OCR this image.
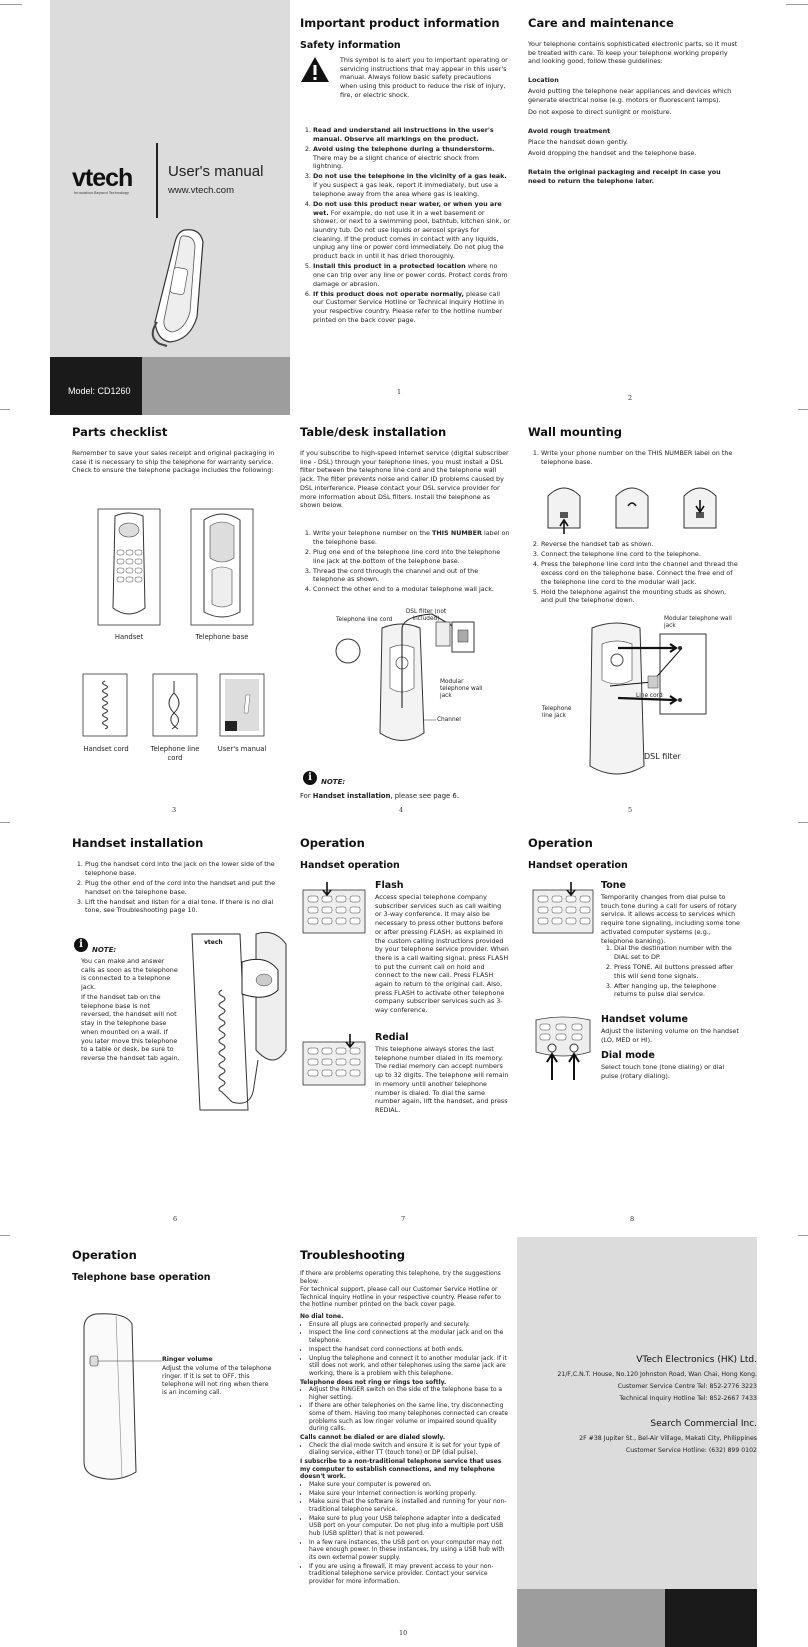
vtech
Innovation Beyond Technology
User's manual
www.vtech.com
Model: CD1260
Important product information
Safety information
This symbol is to alert you to important operating or servicing instructions that may appear in this user's manual. Always follow basic safety precautions when using this product to reduce the risk of injury, fire, or electric shock.
1. Read and understand all instructions in the user's manual. Observe all markings on the product.
2. Avoid using the telephone during a thunderstorm. There may be a slight chance of electric shock from lightning.
3. Do not use the telephone in the vicinity of a gas leak. If you suspect a gas leak, report it immediately, but use a telephone away from the area where gas is leaking.
4. Do not use this product near water, or when you are wet. For example, do not use it in a wet basement or shower, or next to a swimming pool, bathtub, kitchen sink, or laundry tub. Do not use liquids or aerosol sprays for cleaning. If the product comes in contact with any liquids, unplug any line or power cord immediately. Do not plug the product back in until it has dried thoroughly.
5. Install this product in a protected location where no one can trip over any line or power cords. Protect cords from damage or abrasion.
6. If this product does not operate normally, please call our Customer Service Hotline or Technical Inquiry Hotline in your respective country. Please refer to the hotline number printed on the back cover page.
1
Care and maintenance
Your telephone contains sophisticated electronic parts, so it must be treated with care. To keep your telephone working properly and looking good, follow these guidelines:
Location
Avoid putting the telephone near appliances and devices which generate electrical noise (e.g. motors or fluorescent lamps).
Do not expose to direct sunlight or moisture.
Avoid rough treatment
Place the handset down gently.
Avoid dropping the handset and the telephone base.
Retain the original packaging and receipt in case you need to return the telephone later.
2
Parts checklist
Remember to save your sales receipt and original packaging in case it is necessary to ship the telephone for warranty service. Check to ensure the telephone package includes the following:
Handset	Telephone base
Handset cord	Telephone line cord
User's manual
3
Table/desk installation
If you subscribe to high-speed Internet service (digital subscriber line - DSL) through your telephone lines, you must install a DSL filter between the telephone line cord and the telephone wall jack. The filter prevents noise and caller ID problems caused by DSL interference. Please contact your DSL service provider for more information about DSL filters. Install the telephone as shown below.
1. Write your telephone number on the THIS NUMBER label on the telephone base.
2. Plug one end of the telephone line cord into the telephone line jack at the bottom of the telephone base.
3. Thread the cord through the channel and out of the telephone as shown.
4. Connect the other end to a modular telephone wall jack.
Telephone line cord
DSL filter (not included)
Modular telephone wall jack
Channel
i	NOTE:
For Handset installation, please see page 6.
4
Wall mounting
1. Write your phone number on the THIS NUMBER label on the telephone base.
2. Reverse the handset tab as shown.
3. Connect the telephone line cord to the telephone.
4. Press the telephone line cord into the channel and thread the excess cord on the telephone base. Connect the free end of the telephone line cord to the modular wall jack.
5. Hold the telephone against the mounting studs as shown, and pull the telephone down.
Modular telephone wall jack
Line cord
Telephone line jack
DSL filter
5
Handset installation
1. Plug the handset cord into the jack on the lower side of the telephone base.
2. Plug the other end of the cord into the handset and put the handset on the telephone base.
3. Lift the handset and listen for a dial tone. If there is no dial tone, see Troubleshooting page 10.
i	NOTE:
• You can make and answer calls as soon as the telephone is connected to a telephone jack.
• If the handset tab on the telephone base is not reversed, the handset will not stay in the telephone base when mounted on a wall. If you later move this telephone to a table or desk, be sure to reverse the handset tab again.
vtech
6
Operation
Handset operation
Flash
Access special telephone company subscriber services such as call waiting or 3-way conference. It may also be necessary to press other buttons before or after pressing FLASH, as explained in the custom calling instructions provided by your telephone service provider. When there is a call waiting signal, press FLASH to put the current call on hold and connect to the new call. Press FLASH again to return to the original call. Also, press FLASH to activate other telephone company subscriber services such as 3-way conference.
Redial
This telephone always stores the last telephone number dialed in its memory. The redial memory can accept numbers up to 32 digits. The telephone will remain in memory until another telephone number is dialed. To dial the same number again, lift the handset, and press REDIAL.
7
Operation
Handset operation
Tone
Temporarily changes from dial pulse to touch tone during a call for users of rotary service. It allows access to services which require tone signaling, including some tone activated computer systems (e.g., telephone banking).
1. Dial the destination number with the DIAL set to DP.
2. Press TONE. All buttons pressed after this will send tone signals.
3. After hanging up, the telephone returns to pulse dial service.
Handset volume
Adjust the listening volume on the handset (LO, MED or HI).
Dial mode
Select touch tone (tone dialing) or dial pulse (rotary dialing).
8
Operation
Telephone base operation
Ringer volume
Adjust the volume of the telephone ringer. If it is set to OFF, this telephone will not ring when there is an incoming call.
Troubleshooting
If there are problems operating this telephone, try the suggestions below.
For technical support, please call our Customer Service Hotline or Technical Inquiry Hotline in your respective country. Please refer to the hotline number printed on the back cover page.
No dial tone.
• Ensure all plugs are connected properly and securely.
• Inspect the line cord connections at the modular jack and on the telephone.
• Inspect the handset cord connections at both ends.
• Unplug the telephone and connect it to another modular jack. If it still does not work, and other telephones using the same jack are working, there is a problem with this telephone.
Telephone does not ring or rings too softly.
• Adjust the RINGER switch on the side of the telephone base to a higher setting.
• If there are other telephones on the same line, try disconnecting some of them. Having too many telephones connected can create problems such as low ringer volume or impaired sound quality during calls.
Calls cannot be dialed or are dialed slowly.
• Check the dial mode switch and ensure it is set for your type of dialing service, either TT (touch tone) or DP (dial pulse).
I subscribe to a non-traditional telephone service that uses my computer to establish connections, and my telephone doesn't work.
• Make sure your computer is powered on.
• Make sure your Internet connection is working properly.
• Make sure that the software is installed and running for your non-traditional telephone service.
• Make sure to plug your USB telephone adapter into a dedicated USB port on your computer. Do not plug into a multiple port USB hub (USB splitter) that is not powered.
• In a few rare instances, the USB port on your computer may not have enough power. In these instances, try using a USB hub with its own external power supply.
• If you are using a firewall, it may prevent access to your non-traditional telephone service provider. Contact your service provider for more information.
10
VTech Electronics (HK) Ltd.
21/F,C.N.T. House, No.120 Johnston Road, Wan Chai, Hong Kong.
Customer Service Centre Tel: 852-2776 3223
Technical Inquiry Hotline Tel: 852-2667 7433
Search Commercial Inc.
2F #38 Jupiter St., Bel-Air Village, Makati City, Philippines
Customer Service Hotline: (632) 899 0102
